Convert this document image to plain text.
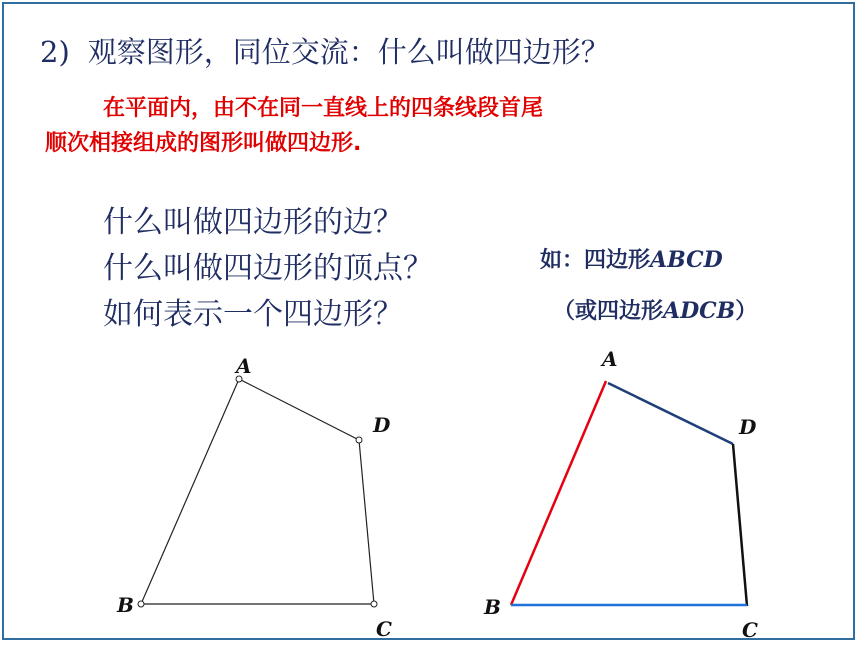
2) 观察图形，同位交流：什么叫做四边形？
在平面内，由不在同一直线上的四条线段首尾
顺次相接组成的图形叫做四边形.
什么叫做四边形的边？
什么叫做四边形的顶点？
如何表示一个四边形？
如：四边形ABCD
（或四边形ADCB）
A
D
B
C
A
D
B
C
